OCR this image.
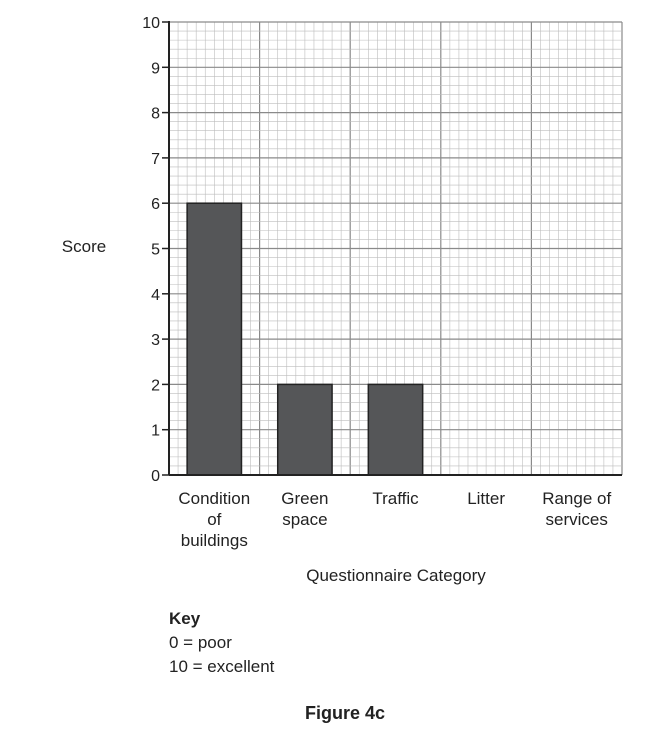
0
1
2
3
4
5
6
7
8
9
10
Condition
of
buildings
Green
space
Traffic	Litter Range of
services
Score
Questionnaire Category
Key
0 = poor
10 = excellent
Figure 4c
